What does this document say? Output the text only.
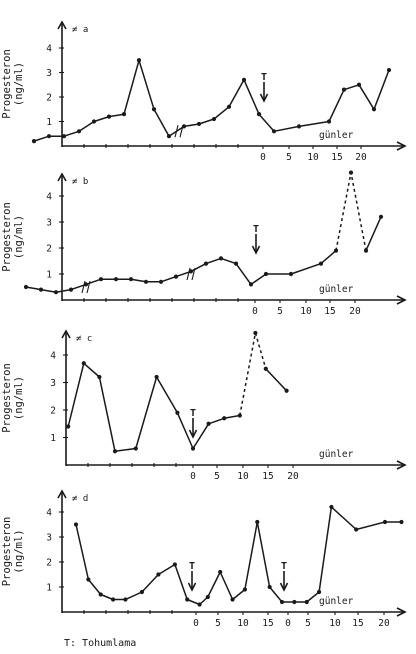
1
2
3
4
Progesteron (ng/ml)
≠ a
0 5 10 15 20
günler
T
1
2
3
4
Progesteron (ng/ml)
≠ b
0 5 10 15 20
günler
T
1
2
3
4
Progesteron (ng/ml)
≠ c
0 5 10 15 20
günler
T
1
2
3
4
Progesteron (ng/ml)
≠ d
0 5 10 15 0 5 10 15 20
günler
T	T
T: Tohumlama
